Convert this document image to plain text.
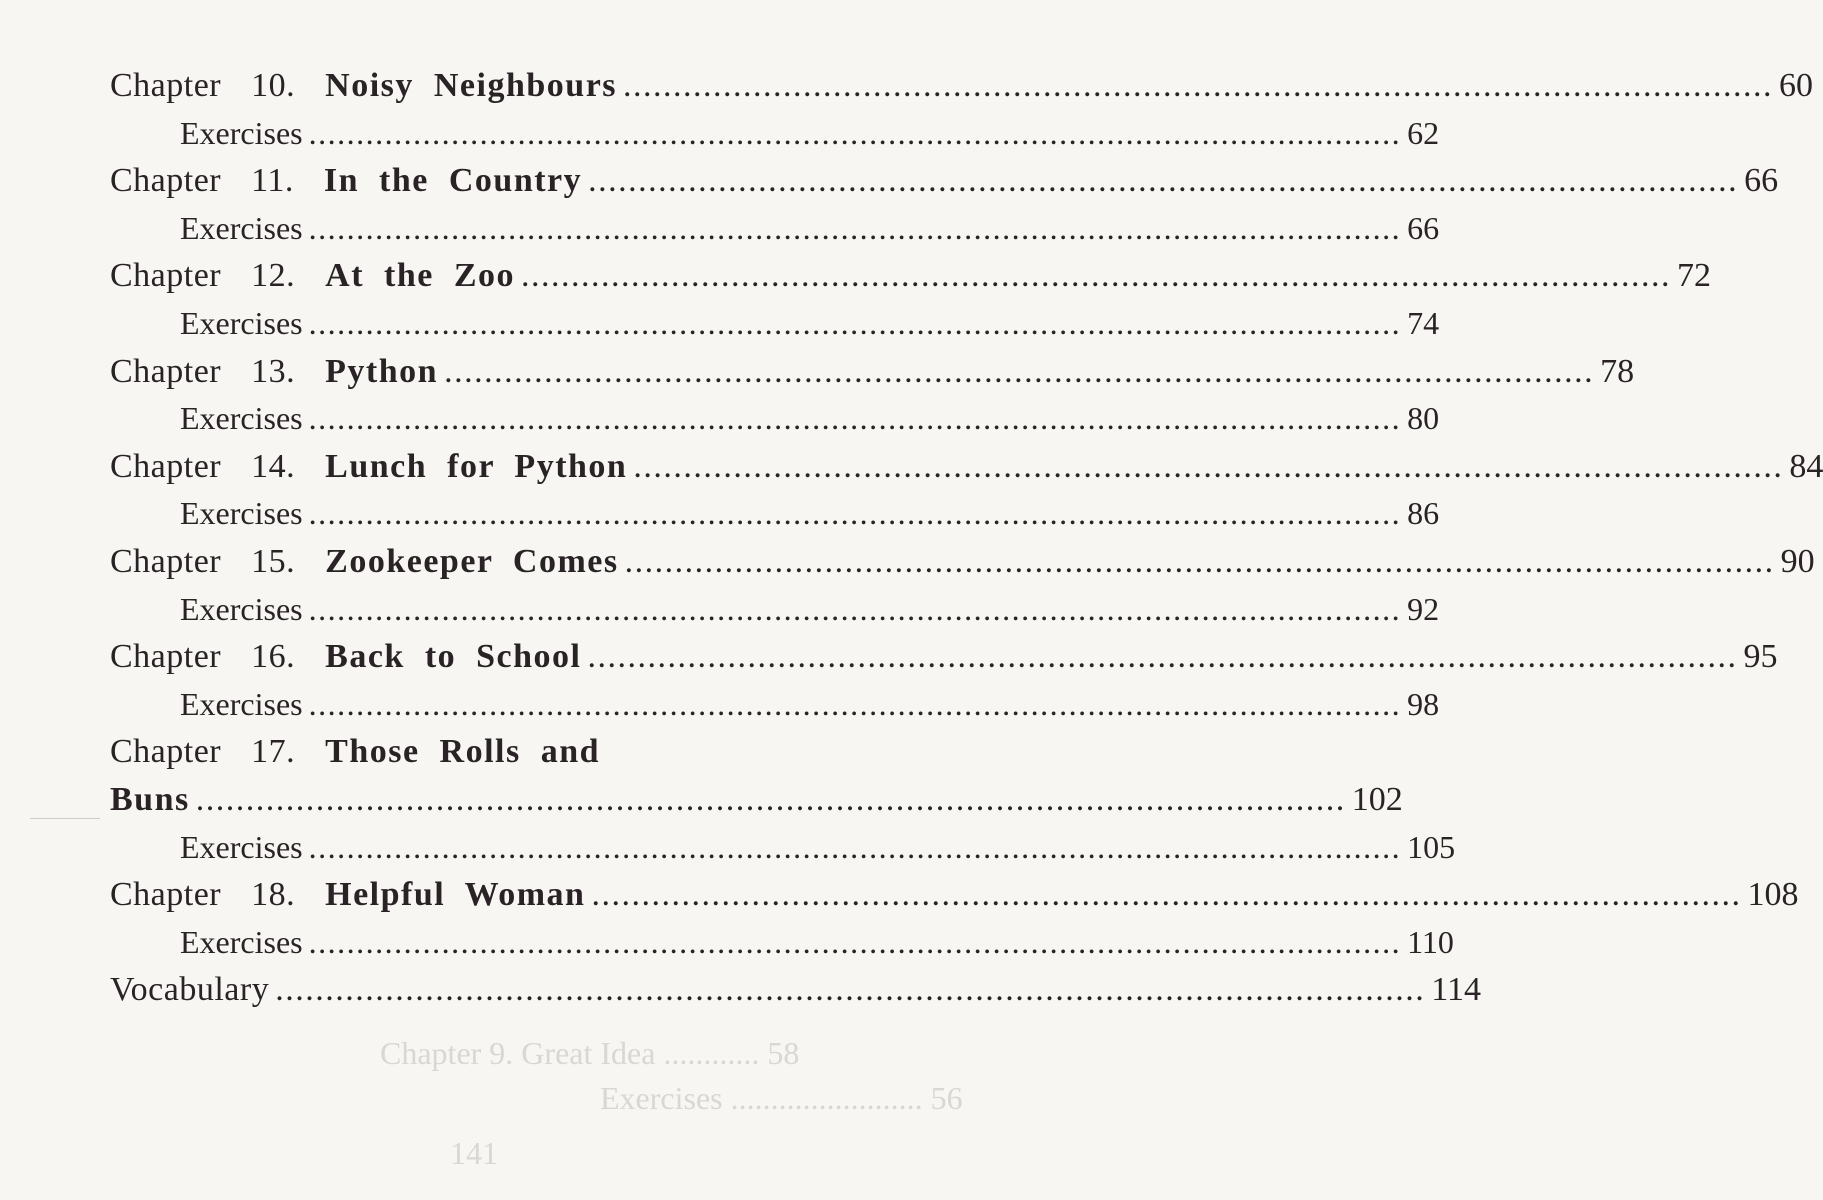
Chapter 9. Great Idea ............ 58
Exercises ........................ 56
141
Chapter 10. Noisy Neighbours .....	60
Exercises .....	62
Chapter 11. In the Country .....	66
Exercises .....	66
Chapter 12. At the Zoo .....	72
Exercises .....	74
Chapter 13. Python .....	78
Exercises .....	80
Chapter 14. Lunch for Python .....	84
Exercises .....	86
Chapter 15. Zookeeper Comes .....	90
Exercises .....	92
Chapter 16. Back to School .....	95
Exercises .....	98
Chapter 17. Those Rolls and
Buns .....	102
Exercises .....	105
Chapter 18. Helpful Woman .....	108
Exercises .....	110
Vocabulary .....	114
